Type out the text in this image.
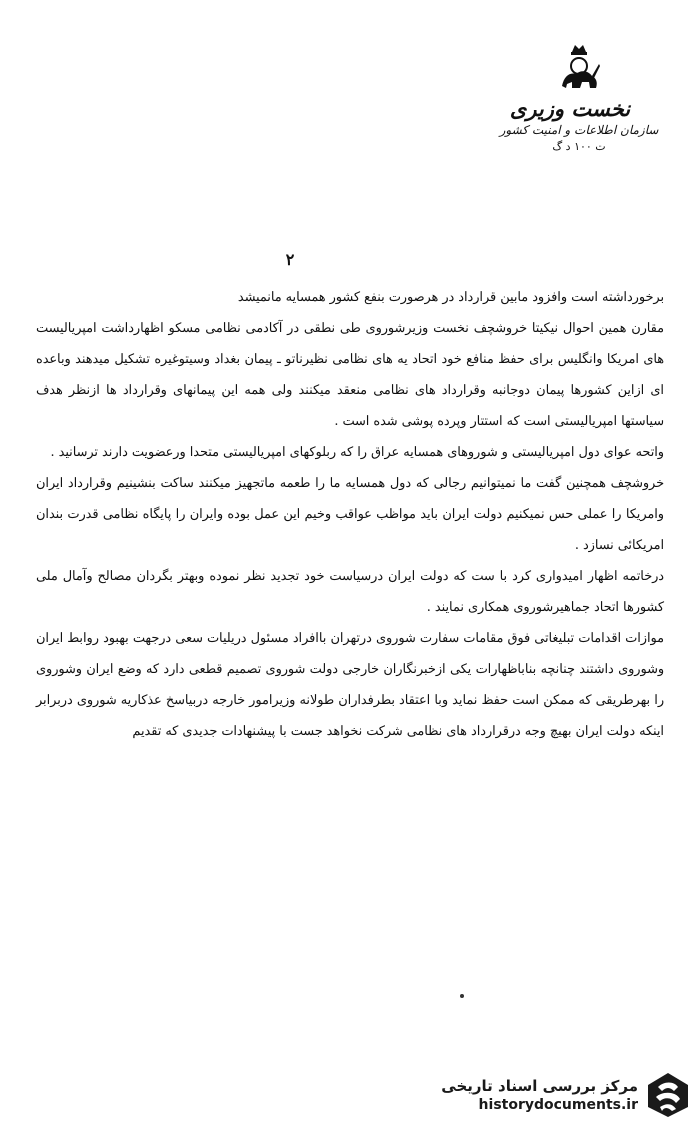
نخست وزیری
سازمان اطلاعات و امنیت کشور
ت ۱۰۰ د گ
۲

برخورداشته است وافزود مابین قرارداد در هرصورت بنفع کشور همسایه مانمیشد

مقارن همین احوال نیکیتا خروشچف نخست وزیرشوروی طی نطقی در آکادمی نظامی مسکو اظهارداشت امپریالیست های امریکا وانگلیس برای حفظ منافع خود اتحاد یه های نظامی نظیرناتو ـ پیمان بغداد وسیتوغیره تشکیل میدهند وباعده ای ازاین کشورها پیمان دوجانبه وقرارداد های نظامی منعقد میکنند ولی همه این پیمانهای وقرارداد ها ازنظر هدف سیاستها امپریالیستی است که استتار وپرده پوشی شده است .

واتحه عوای دول امپریالیستی و شوروهای همسایه عراق را که ربلوکهای امپریالیستی متحدا ورعضویت دارند ترسانید .

خروشچف همچنین گفت ما نمیتوانیم رجالی که دول همسایه ما را طعمه ماتجهیز میکنند ساکت بنشینیم وقرارداد ایران وامریکا را عملی حس نمیکنیم دولت ایران باید مواظب عواقب وخیم این عمل بوده وایران را پایگاه نظامی قدرت بندان امریکائی نسازد .

درخاتمه اظهار امیدواری کرد با ست که دولت ایران درسیاست خود تجدید نظر نموده وبهتر بگردان مصالح وآمال ملی کشورها اتحاد جماهیرشوروی همکاری نمایند .

موازات اقدامات تبلیغاتی فوق مقامات سفارت شوروی درتهران باافراد مسئول دریلیات سعی درجهت بهبود روابط ایران وشوروی داشتند چنانچه بناباظهارات یکی ازخبرنگاران خارجی دولت شوروی تصمیم قطعی دارد که وضع ایران وشوروی را بهرطریقی که ممکن است حفظ نماید وبا اعتقاد بطرفداران طولانه وزیرامور خارجه دربیاسخ عذکاریه شوروی دربرابر اینکه دولت ایران بهیچ وجه درقرارداد های نظامی شرکت نخواهد جست با پیشنهادات جدیدی که تقدیم

مرکز بررسی اسناد تاریخی
historydocuments.ir
